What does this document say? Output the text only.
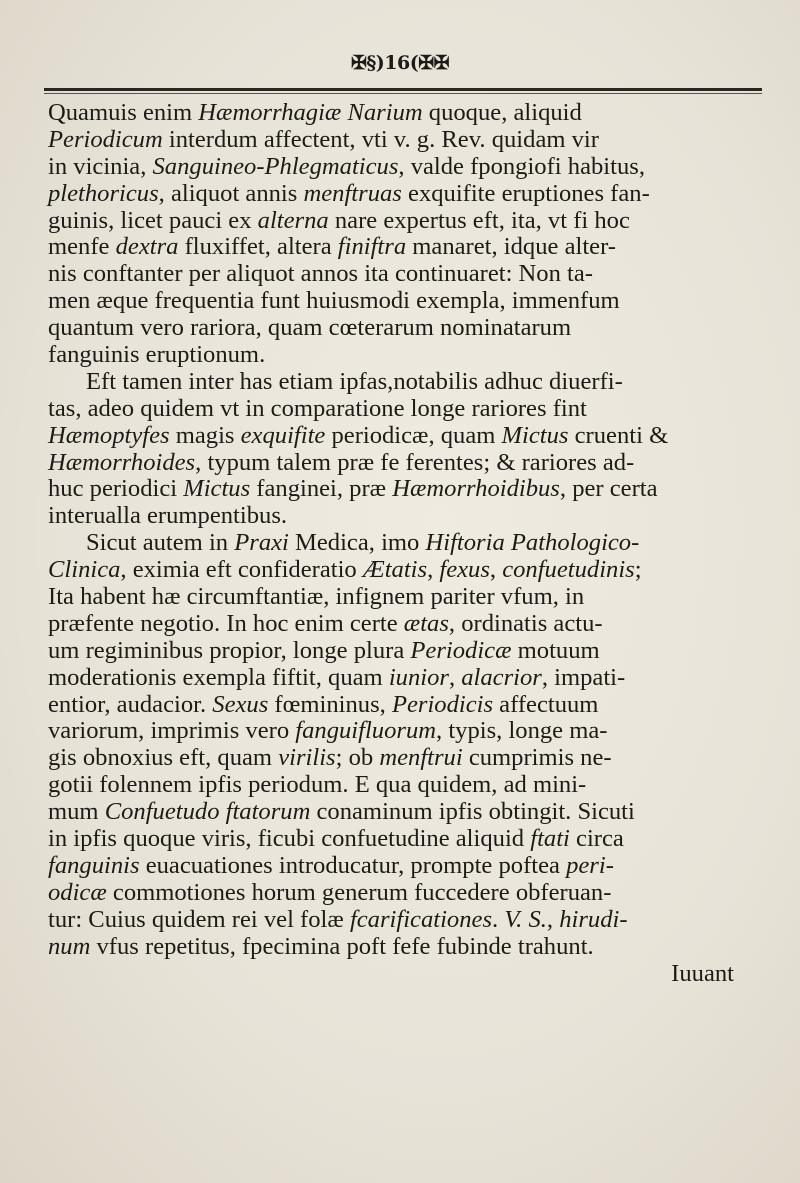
✠§)16(✠✠
Quamuis enim Hæmorrhagiæ Narium quoque, aliquid
Periodicum interdum affectent, vti v. g. Rev. quidam vir
in vicinia, Sanguineo-Phlegmaticus, valde fpongiofi habitus,
plethoricus, aliquot annis menftruas exquifite eruptiones fan-
guinis, licet pauci ex alterna nare expertus eft, ita, vt fi hoc
menfe dextra fluxiffet, altera finiftra manaret, idque alter-
nis conftanter per aliquot annos ita continuaret: Non ta-
men æque frequentia funt huiusmodi exempla, immenfum
quantum vero rariora, quam cœterarum nominatarum
fanguinis eruptionum.
Eft tamen inter has etiam ipfas,notabilis adhuc diuerfi-
tas, adeo quidem vt in comparatione longe rariores fint
Hæmoptyfes magis exquifite periodicæ, quam Mictus cruenti &
Hæmorrhoides, typum talem præ fe ferentes; & rariores ad-
huc periodici Mictus fanginei, præ Hæmorrhoidibus, per certa
interualla erumpentibus.
Sicut autem in Praxi Medica, imo Hiftoria Pathologico-
Clinica, eximia eft confideratio Ætatis, fexus, confuetudinis;
Ita habent hæ circumftantiæ, infignem pariter vfum, in
præfente negotio. In hoc enim certe ætas, ordinatis actu-
um regiminibus propior, longe plura Periodicæ motuum
moderationis exempla fiftit, quam iunior, alacrior, impati-
entior, audacior. Sexus fœmininus, Periodicis affectuum
variorum, imprimis vero fanguifluorum, typis, longe ma-
gis obnoxius eft, quam virilis; ob menftrui cumprimis ne-
gotii folennem ipfis periodum. E qua quidem, ad mini-
mum Confuetudo ftatorum conaminum ipfis obtingit. Sicuti
in ipfis quoque viris, ficubi confuetudine aliquid ftati circa
fanguinis euacuationes introducatur, prompte poftea peri-
odicæ commotiones horum generum fuccedere obferuan-
tur: Cuius quidem rei vel folæ fcarificationes. V. S., hirudi-
num vfus repetitus, fpecimina poft fefe fubinde trahunt.
Iuuant
